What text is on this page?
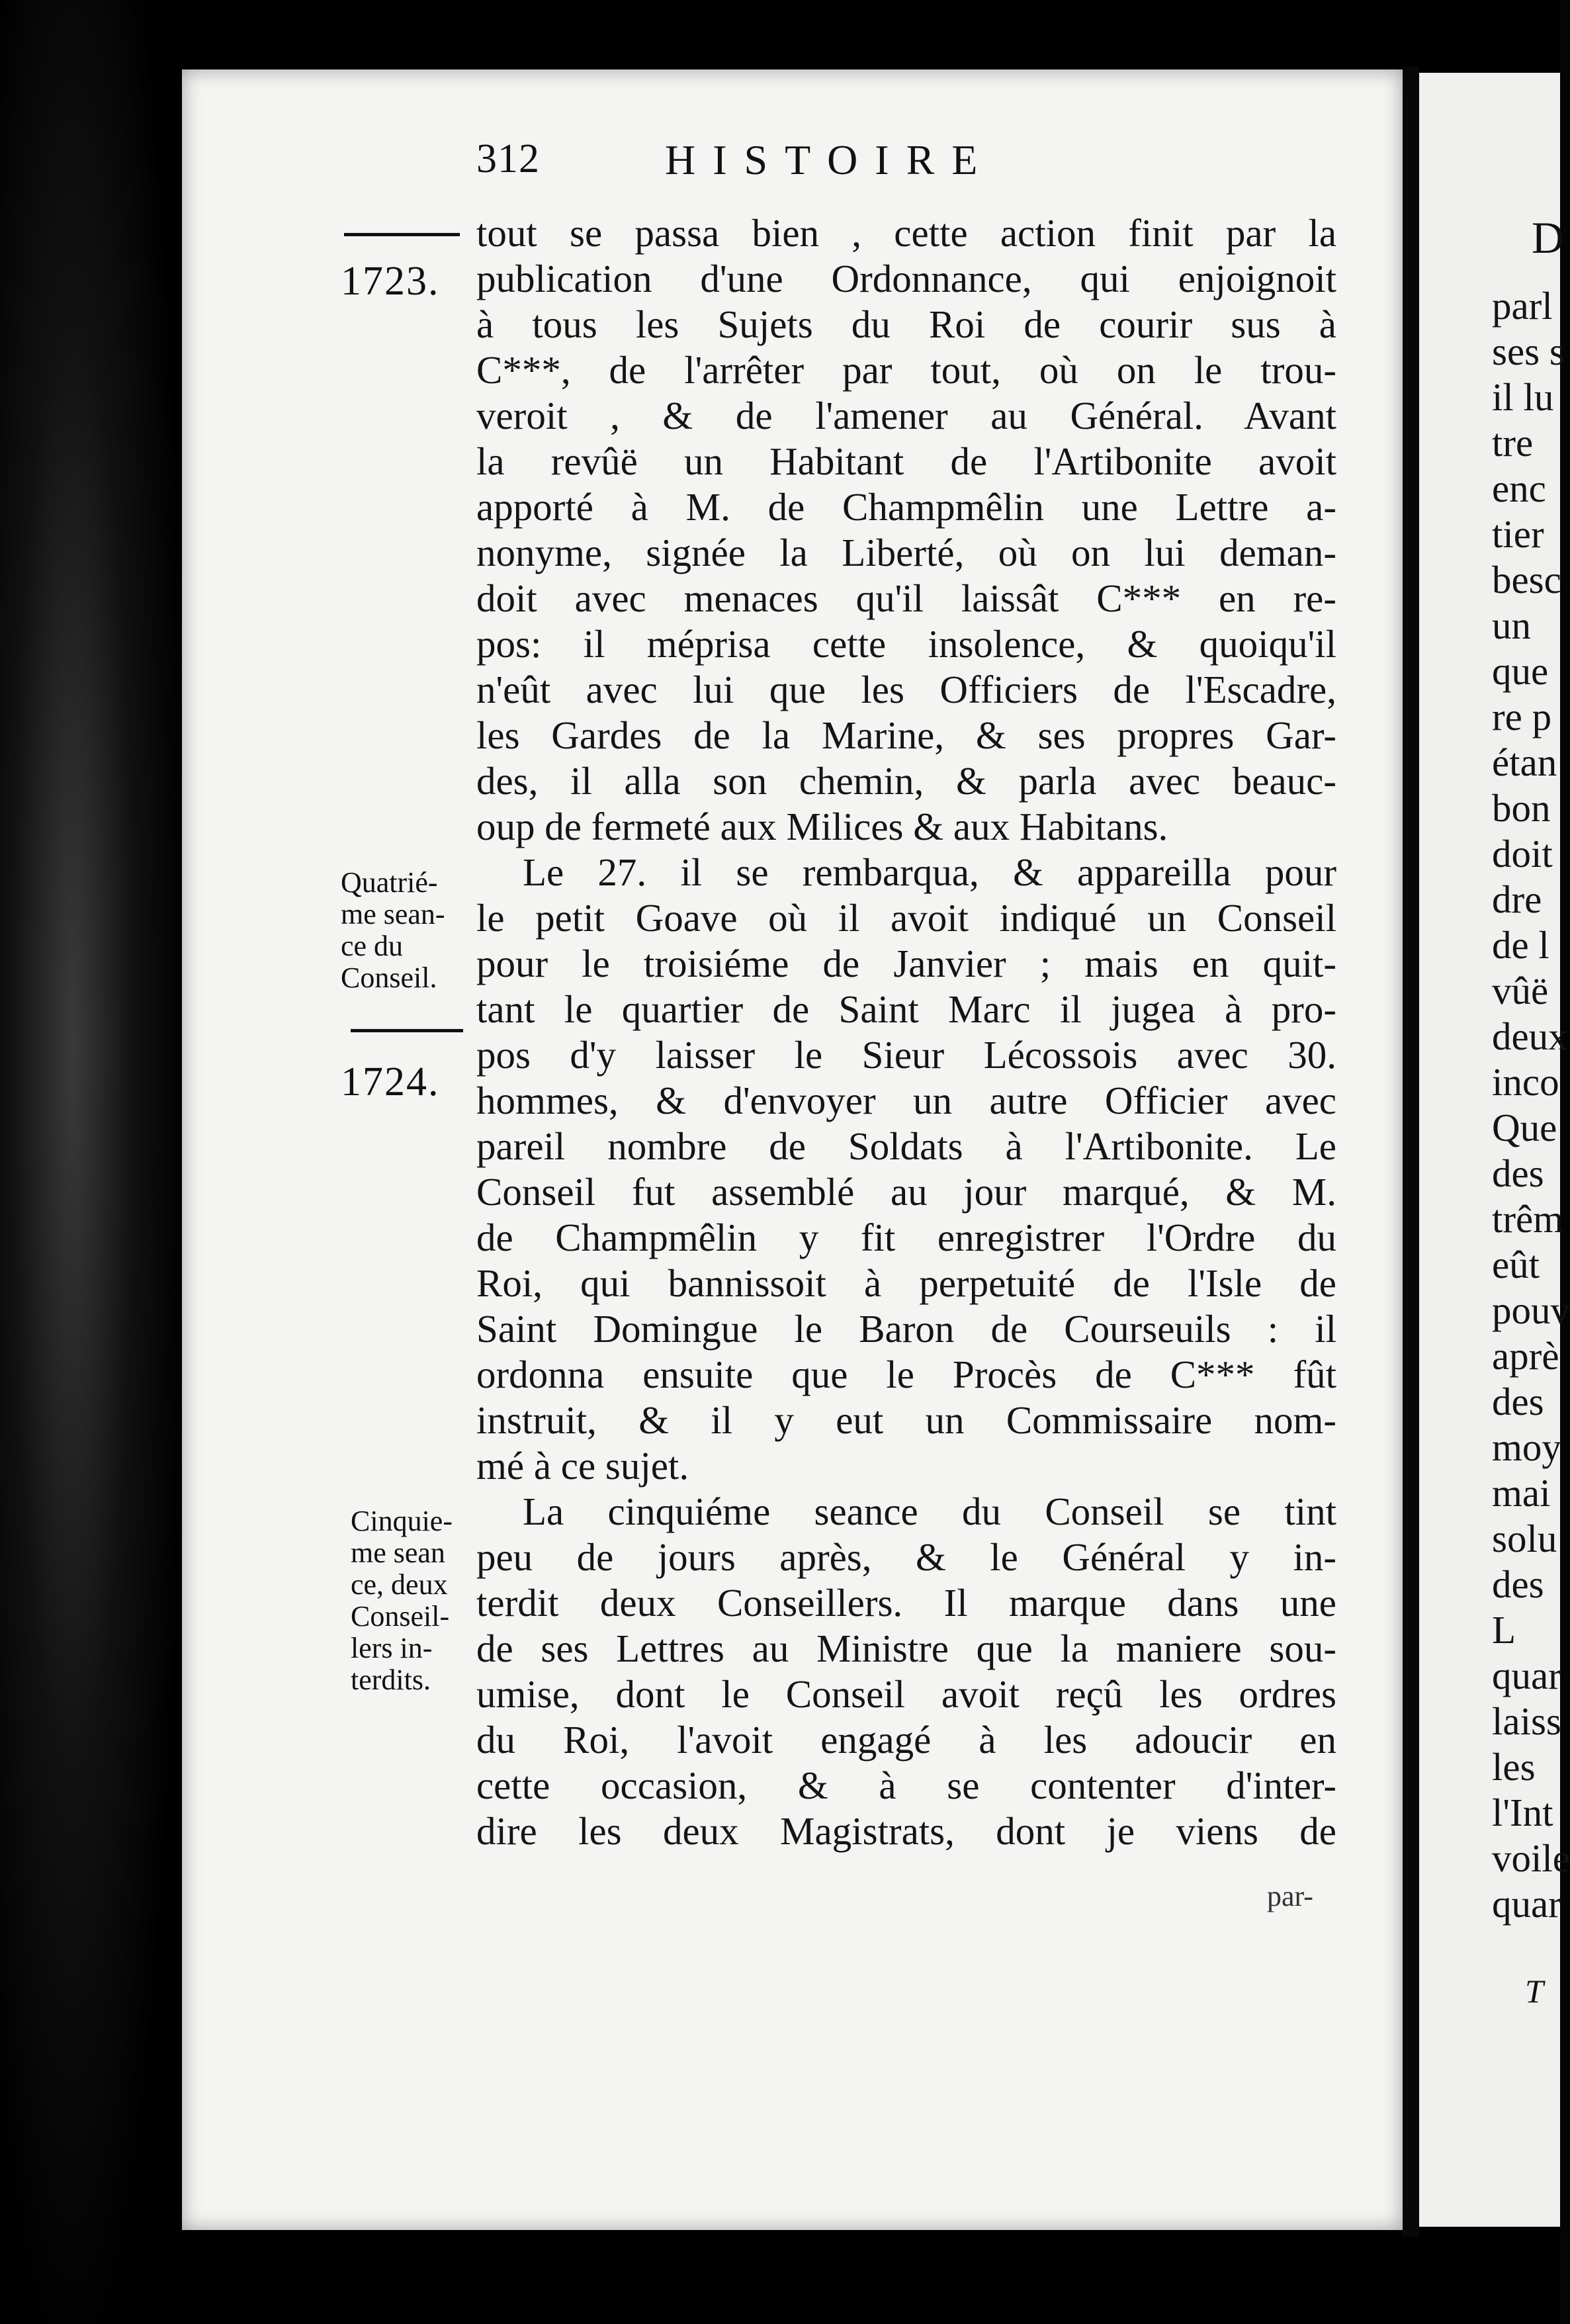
D
parl
ses s
il lu
tre
enc
tier
besc
un
que
re p
étan
bon
doit
dre
de l
vûë
deux
inco
Que
des
trêm
eût
pouv
aprè
des
moy
mai
solu
des
L
quar
laiss
les
l'Int
voile
quar
T
312	HISTOIRE
1723.
Quatrié-
me sean-
ce du
Conseil.
1724.
Cinquie-
me sean
ce, deux
Conseil-
lers in-
terdits.
tout se passa bien , cette action finit par la
publication d'une Ordonnance, qui enjoignoit
à tous les Sujets du Roi de courir sus à
C***, de l'arrêter par tout, où on le trou-
veroit , & de l'amener au Général. Avant
la revûë un Habitant de l'Artibonite avoit
apporté à M. de Champmêlin une Lettre a-
nonyme, signée la Liberté, où on lui deman-
doit avec menaces qu'il laissât C*** en re-
pos: il méprisa cette insolence, & quoiqu'il
n'eût avec lui que les Officiers de l'Escadre,
les Gardes de la Marine, & ses propres Gar-
des, il alla son chemin, & parla avec beauc-
oup de fermeté aux Milices & aux Habitans.
Le 27. il se rembarqua, & appareilla pour
le petit Goave où il avoit indiqué un Conseil
pour le troisiéme de Janvier ; mais en quit-
tant le quartier de Saint Marc il jugea à pro-
pos d'y laisser le Sieur Lécossois avec 30.
hommes, & d'envoyer un autre Officier avec
pareil nombre de Soldats à l'Artibonite. Le
Conseil fut assemblé au jour marqué, & M.
de Champmêlin y fit enregistrer l'Ordre du
Roi, qui bannissoit à perpetuité de l'Isle de
Saint Domingue le Baron de Courseuils : il
ordonna ensuite que le Procès de C*** fût
instruit, & il y eut un Commissaire nom-
mé à ce sujet.
La cinquiéme seance du Conseil se tint
peu de jours après, & le Général y in-
terdit deux Conseillers. Il marque dans une
de ses Lettres au Ministre que la maniere sou-
umise, dont le Conseil avoit reçû les ordres
du Roi, l'avoit engagé à les adoucir en
cette occasion, & à se contenter d'inter-
dire les deux Magistrats, dont je viens de
par-
